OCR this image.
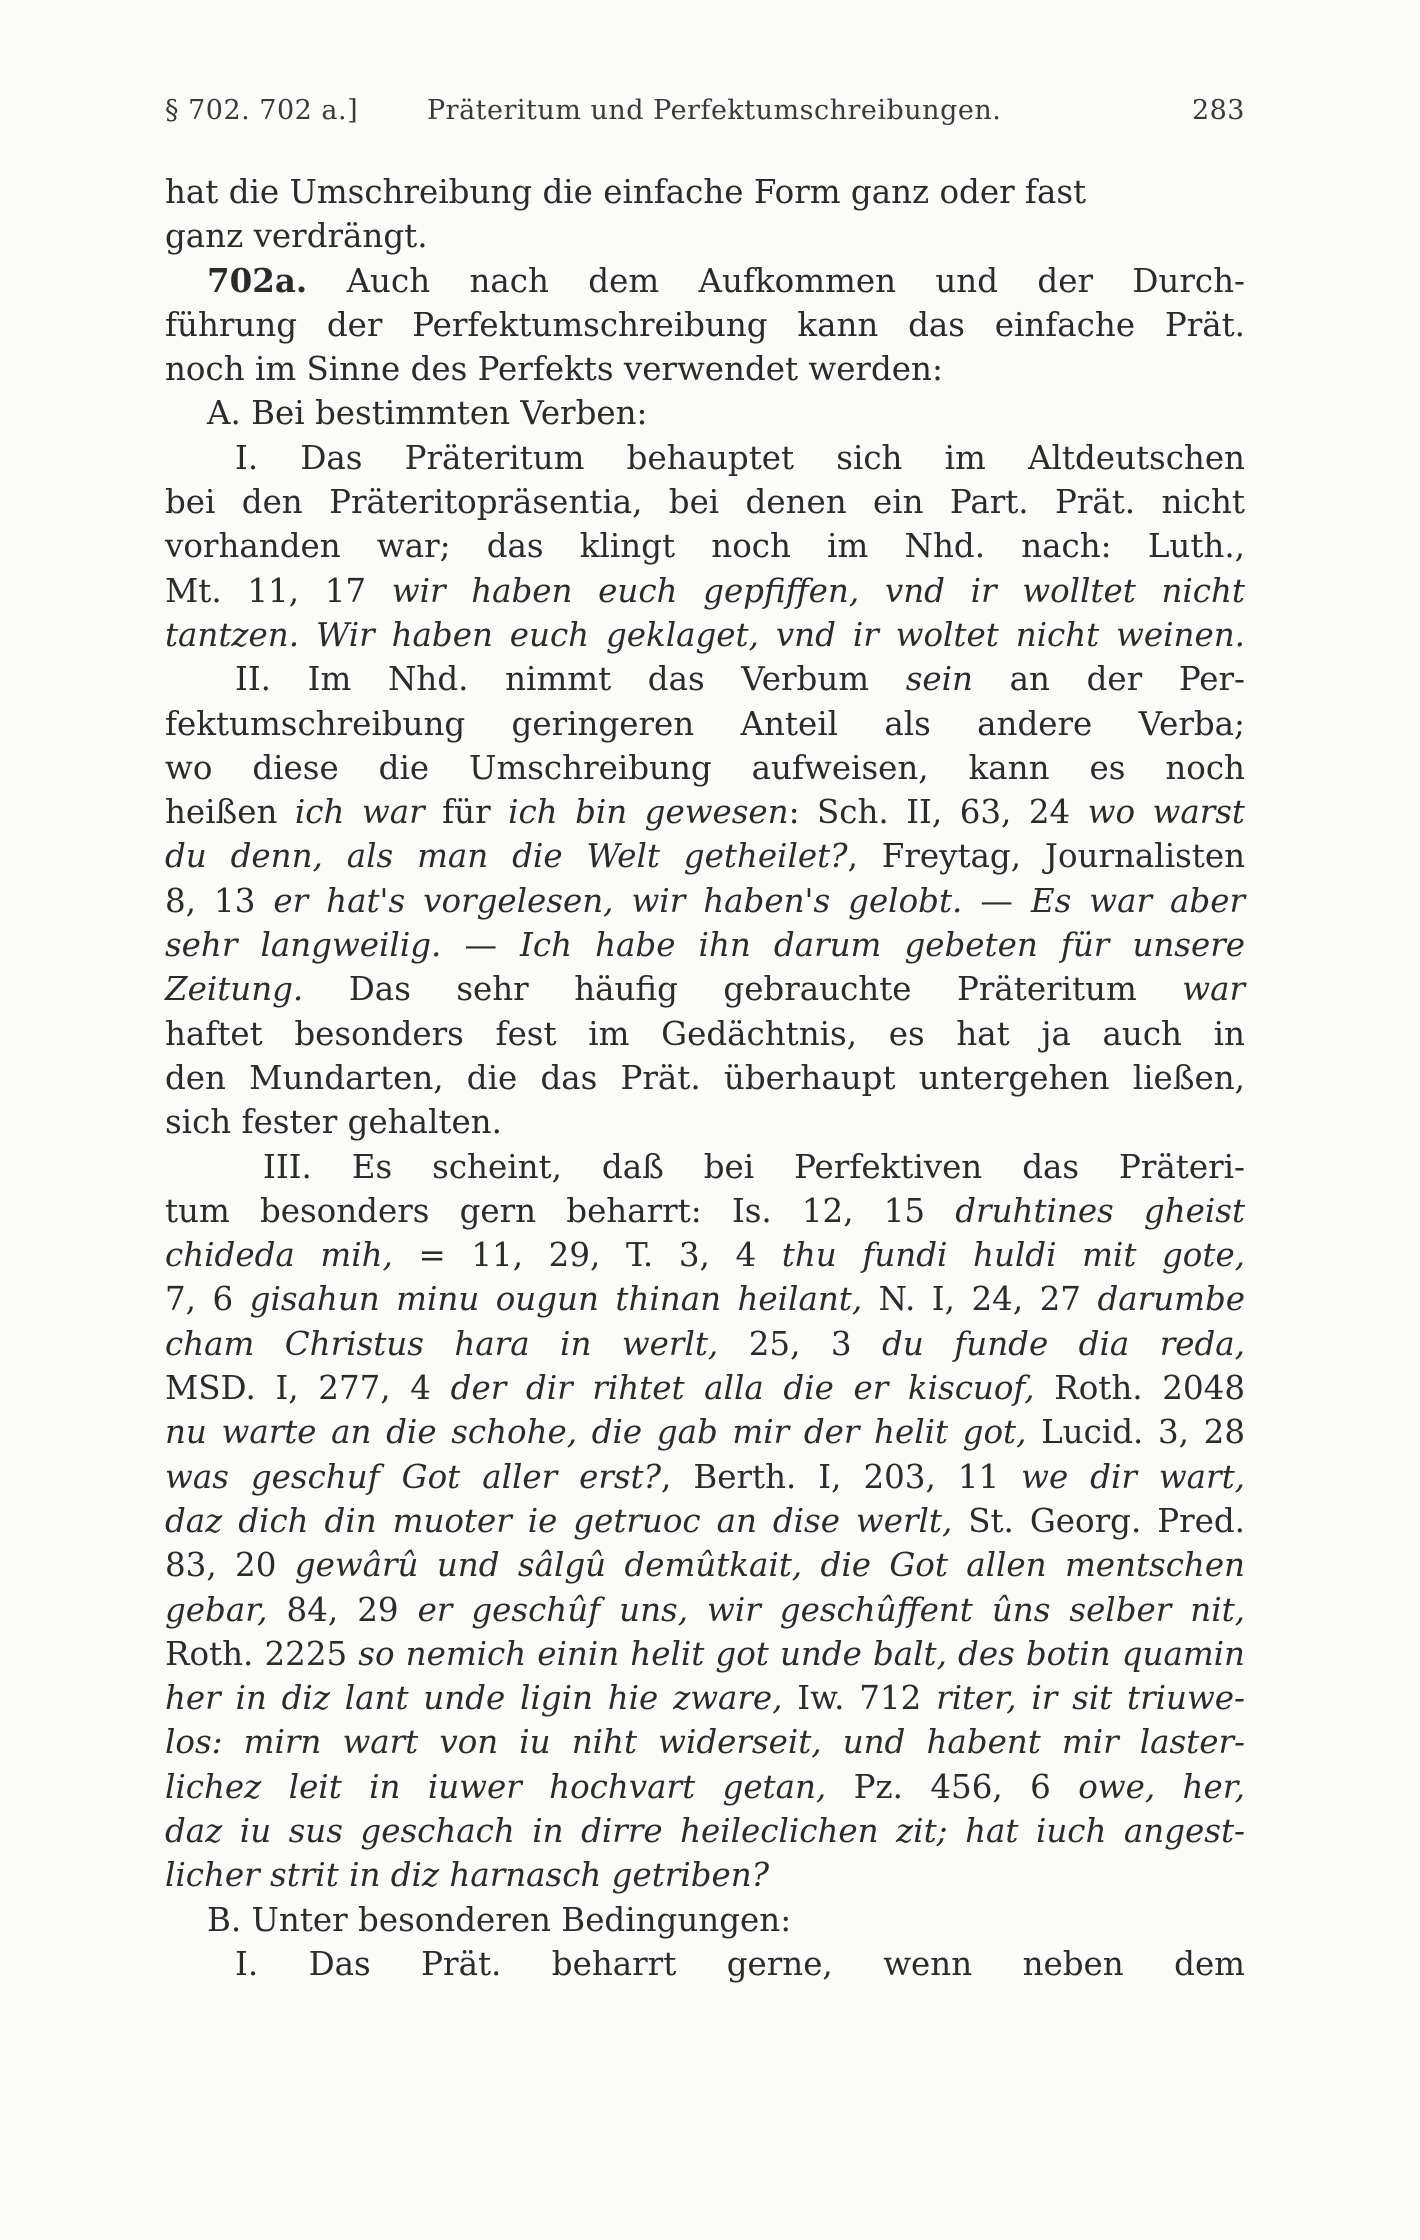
§ 702. 702 a.]	Präteritum und Perfektumschreibungen.	283
hat die Umschreibung die einfache Form ganz oder fast
ganz verdrängt.
702a. Auch nach dem Aufkommen und der Durch-
führung der Perfektumschreibung kann das einfache Prät.
noch im Sinne des Perfekts verwendet werden:
A. Bei bestimmten Verben:
I. Das Präteritum behauptet sich im Altdeutschen
bei den Präteritopräsentia, bei denen ein Part. Prät. nicht
vorhanden war; das klingt noch im Nhd. nach: Luth.,
Mt. 11, 17 wir haben euch gepfiffen, vnd ir wolltet nicht
tantzen. Wir haben euch geklaget, vnd ir woltet nicht weinen.
II. Im Nhd. nimmt das Verbum sein an der Per-
fektumschreibung geringeren Anteil als andere Verba;
wo diese die Umschreibung aufweisen, kann es noch
heißen ich war für ich bin gewesen: Sch. II, 63, 24 wo warst
du denn, als man die Welt getheilet?, Freytag, Journalisten
8, 13 er hat's vorgelesen, wir haben's gelobt. — Es war aber
sehr langweilig. — Ich habe ihn darum gebeten für unsere
Zeitung. Das sehr häufig gebrauchte Präteritum war
haftet besonders fest im Gedächtnis, es hat ja auch in
den Mundarten, die das Prät. überhaupt untergehen ließen,
sich fester gehalten.
III. Es scheint, daß bei Perfektiven das Präteri-
tum besonders gern beharrt: Is. 12, 15 druhtines gheist
chideda mih, = 11, 29, T. 3, 4 thu fundi huldi mit gote,
7, 6 gisahun minu ougun thinan heilant, N. I, 24, 27 darumbe
cham Christus hara in werlt, 25, 3 du funde dia reda,
MSD. I, 277, 4 der dir rihtet alla die er kiscuof, Roth. 2048
nu warte an die schohe, die gab mir der helit got, Lucid. 3, 28
was geschuf Got aller erst?, Berth. I, 203, 11 we dir wart,
daz dich din muoter ie getruoc an dise werlt, St. Georg. Pred.
83, 20 gewârû und sâlgû demûtkait, die Got allen mentschen
gebar, 84, 29 er geschûf uns, wir geschûffent ûns selber nit,
Roth. 2225 so nemich einin helit got unde balt, des botin quamin
her in diz lant unde ligin hie zware, Iw. 712 riter, ir sit triuwe-
los: mirn wart von iu niht widerseit, und habent mir laster-
lichez leit in iuwer hochvart getan, Pz. 456, 6 owe, her,
daz iu sus geschach in dirre heileclichen zit; hat iuch angest-
licher strit in diz harnasch getriben?
B. Unter besonderen Bedingungen:
I. Das Prät. beharrt gerne, wenn neben dem
